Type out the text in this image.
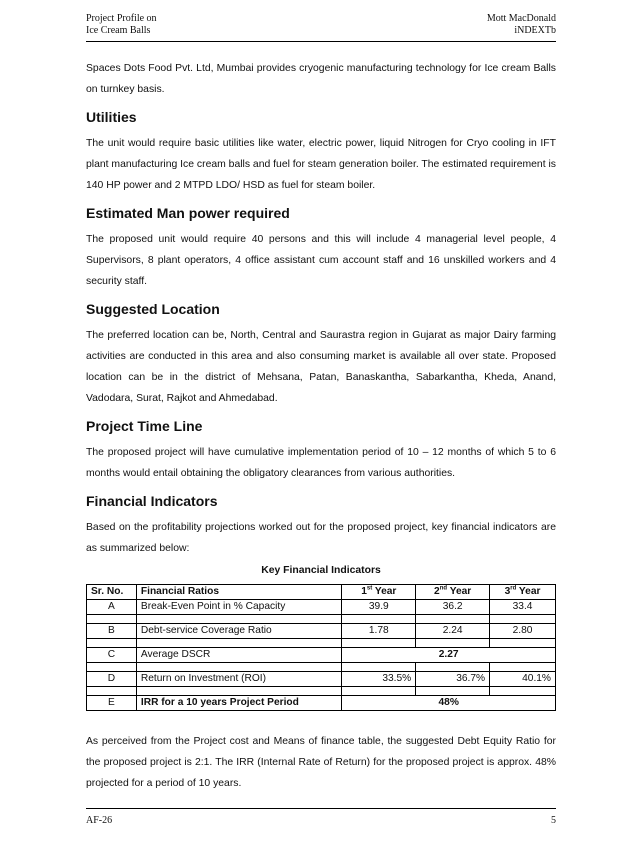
Project Profile on
Ice Cream Balls
Mott MacDonald
iNDEXTb

Spaces Dots Food Pvt. Ltd, Mumbai provides cryogenic manufacturing technology for Ice cream Balls on turnkey basis.

Utilities

The unit would require basic utilities like water, electric power, liquid Nitrogen for Cryo cooling in IFT plant manufacturing Ice cream balls and fuel for steam generation boiler. The estimated requirement is 140 HP power and 2 MTPD LDO/ HSD as fuel for steam boiler.

Estimated Man power required

The proposed unit would require 40 persons and this will include 4 managerial level people, 4 Supervisors, 8 plant operators, 4 office assistant cum account staff and 16 unskilled workers and 4 security staff.

Suggested Location

The preferred location can be, North, Central and Saurastra region in Gujarat as major Dairy farming activities are conducted in this area and also consuming market is available all over state. Proposed location can be in the district of Mehsana, Patan, Banaskantha, Sabarkantha, Kheda, Anand, Vadodara, Surat, Rajkot and Ahmedabad.

Project Time Line

The proposed project will have cumulative implementation period of 10 – 12 months of which 5 to 6 months would entail obtaining the obligatory clearances from various authorities.

Financial Indicators

Based on the profitability projections worked out for the proposed project, key financial indicators are as summarized below:

Key Financial Indicators
Sr. No.	Financial Ratios	1st Year	2nd Year	3rd Year
A	Break-Even Point in % Capacity	39.9	36.2	33.4

B	Debt-service Coverage Ratio	1.78	2.24	2.80

C	Average DSCR	2.27		

D	Return on Investment (ROI)	33.5%	36.7%	40.1%

E	IRR for a 10 years Project Period	48%		

As perceived from the Project cost and Means of finance table, the suggested Debt Equity Ratio for the proposed project is 2:1. The IRR (Internal Rate of Return) for the proposed project is approx. 48% projected for a period of 10 years.

AF-26	5
